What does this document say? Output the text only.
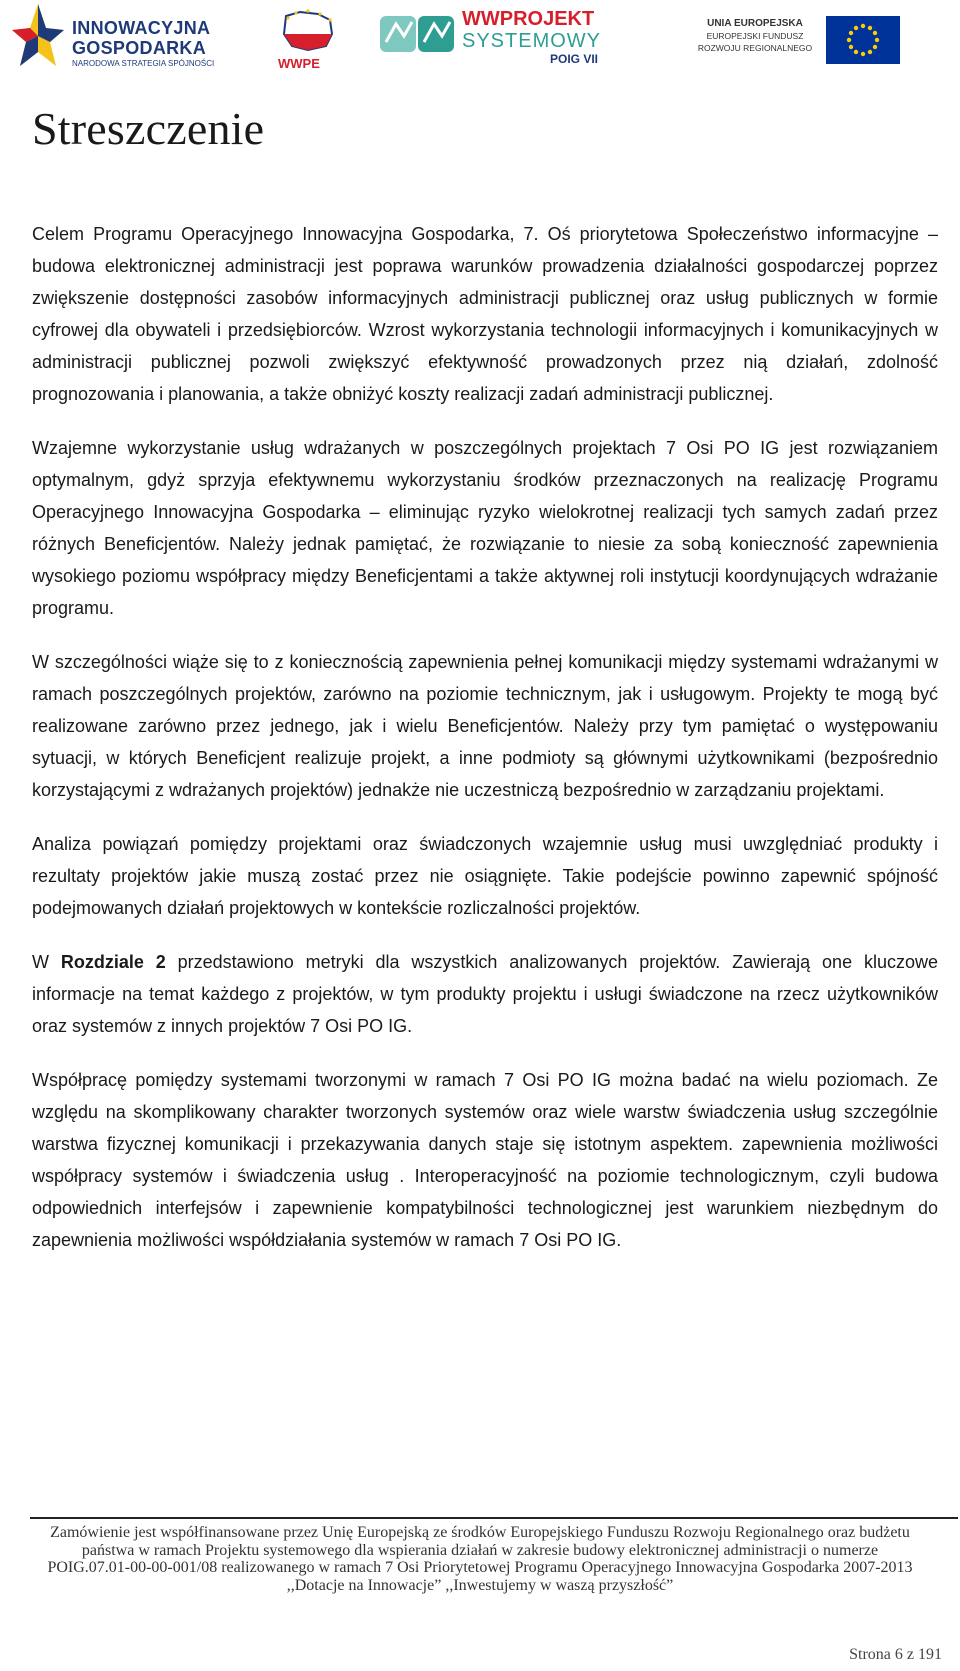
INNOWACYJNA
GOSPODARKA
NARODOWA STRATEGIA SPÓJNOŚCI	WWPE
WWPROJEKT
SYSTEMOWY
POIG VII
UNIA EUROPEJSKA
EUROPEJSKI FUNDUSZ
ROZWOJU REGIONALNEGO
Streszczenie

Celem Programu Operacyjnego Innowacyjna Gospodarka, 7. Oś priorytetowa Społeczeństwo informacyjne – budowa elektronicznej administracji jest poprawa warunków prowadzenia działalności gospodarczej poprzez zwiększenie dostępności zasobów informacyjnych administracji publicznej oraz usług publicznych w formie cyfrowej dla obywateli i przedsiębiorców. Wzrost wykorzystania technologii informacyjnych i komunikacyjnych w administracji publicznej pozwoli zwiększyć efektywność prowadzonych przez nią działań, zdolność prognozowania i planowania, a także obniżyć koszty realizacji zadań administracji publicznej.

Wzajemne wykorzystanie usług wdrażanych w poszczególnych projektach 7 Osi PO IG jest rozwiązaniem optymalnym, gdyż sprzyja efektywnemu wykorzystaniu środków przeznaczonych na realizację Programu Operacyjnego Innowacyjna Gospodarka – eliminując ryzyko wielokrotnej realizacji tych samych zadań przez różnych Beneficjentów. Należy jednak pamiętać, że rozwiązanie to niesie za sobą konieczność zapewnienia wysokiego poziomu współpracy między Beneficjentami a także aktywnej roli instytucji koordynujących wdrażanie programu.

W szczególności wiąże się to z koniecznością zapewnienia pełnej komunikacji między systemami wdrażanymi w ramach poszczególnych projektów, zarówno na poziomie technicznym, jak i usługowym. Projekty te mogą być realizowane zarówno przez jednego, jak i wielu Beneficjentów. Należy przy tym pamiętać o występowaniu sytuacji, w których Beneficjent realizuje projekt, a inne podmioty są głównymi użytkownikami (bezpośrednio korzystającymi z wdrażanych projektów) jednakże nie uczestniczą bezpośrednio w zarządzaniu projektami.

Analiza powiązań pomiędzy projektami oraz świadczonych wzajemnie usług musi uwzględniać produkty i rezultaty projektów jakie muszą zostać przez nie osiągnięte. Takie podejście powinno zapewnić spójność podejmowanych działań projektowych w kontekście rozliczalności projektów.

W Rozdziale 2 przedstawiono metryki dla wszystkich analizowanych projektów. Zawierają one kluczowe informacje na temat każdego z projektów, w tym produkty projektu i usługi świadczone na rzecz użytkowników oraz systemów z innych projektów 7 Osi PO IG.

Współpracę pomiędzy systemami tworzonymi w ramach 7 Osi PO IG można badać na wielu poziomach. Ze względu na skomplikowany charakter tworzonych systemów oraz wiele warstw świadczenia usług szczególnie warstwa fizycznej komunikacji i przekazywania danych staje się istotnym aspektem. zapewnienia możliwości współpracy systemów i świadczenia usług . Interoperacyjność na poziomie technologicznym, czyli budowa odpowiednich interfejsów i zapewnienie kompatybilności technologicznej jest warunkiem niezbędnym do zapewnienia możliwości współdziałania systemów w ramach 7 Osi PO IG.

Zamówienie jest współfinansowane przez Unię Europejską ze środków Europejskiego Funduszu Rozwoju Regionalnego oraz budżetu państwa w ramach Projektu systemowego dla wspierania działań w zakresie budowy elektronicznej administracji o numerze POIG.07.01-00-00-001/08 realizowanego w ramach 7 Osi Priorytetowej Programu Operacyjnego Innowacyjna Gospodarka 2007-2013 ,,Dotacje na Innowacje” ,,Inwestujemy w waszą przyszłość”
Strona 6 z 191
